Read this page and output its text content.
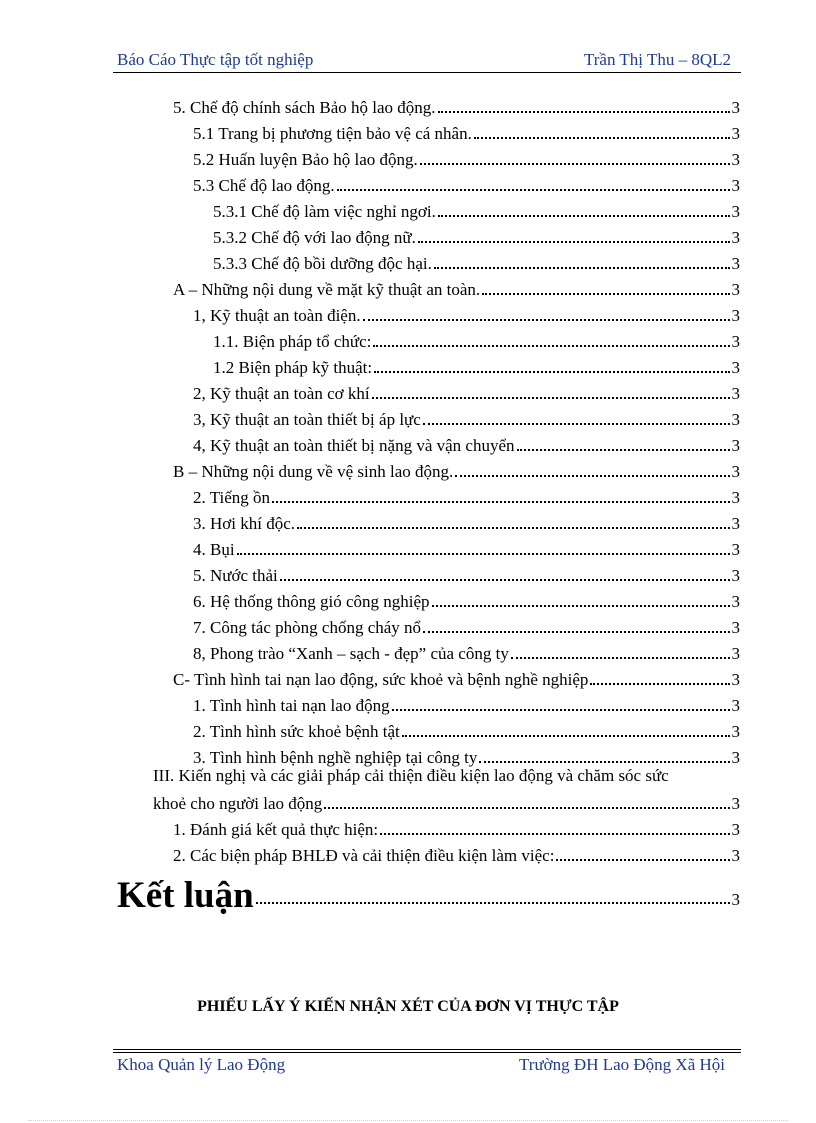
Báo Cáo Thực tập tốt nghiệp	Trần Thị Thu – 8QL2
5. Chế độ chính sách Bảo hộ lao động.	3
5.1 Trang bị phương tiện bảo vệ cá nhân.	3
5.2 Huấn luyện Bảo hộ lao động.	3
5.3 Chế độ lao động.	3
5.3.1 Chế độ làm việc nghỉ ngơi.	3
5.3.2 Chế độ với lao động nữ.	3
5.3.3 Chế độ bồi dưỡng độc hại.	3
A – Những nội dung về mặt kỹ thuật an toàn.	3
1, Kỹ thuật an toàn điện.	3
1.1. Biện pháp tổ chức:	3
1.2 Biện pháp kỹ thuật:	3
2, Kỹ thuật an toàn cơ khí	3
3, Kỹ thuật an toàn thiết bị áp lực	3
4, Kỹ thuật an toàn thiết bị nặng và vận chuyển	3
B – Những nội dung về vệ sinh lao động.	3
2. Tiếng ồn	3
3. Hơi khí độc.	3
4. Bụi	3
5. Nước thải	3
6. Hệ thống thông gió công nghiệp	3
7. Công tác phòng chống cháy nổ	3
8, Phong trào “Xanh – sạch - đẹp” của công ty	3
C- Tình hình tai nạn lao động, sức khoẻ và bệnh nghề nghiệp	3
1. Tình hình tai nạn lao động	3
2. Tình hình sức khoẻ bệnh tật	3
3. Tình hình bệnh nghề nghiệp tại công ty	3
III. Kiến nghị và các giải pháp cải thiện điều kiện lao động và chăm sóc sức
khoẻ cho người lao động	3
1. Đánh giá kết quả thực hiện:	3
2. Các biện pháp BHLĐ và cải thiện điều kiện làm việc:	3
Kết luận	3
PHIẾU LẤY Ý KIẾN NHẬN XÉT CỦA ĐƠN VỊ THỰC TẬP
Khoa Quản lý Lao Động	Trường ĐH Lao Động Xã Hội
